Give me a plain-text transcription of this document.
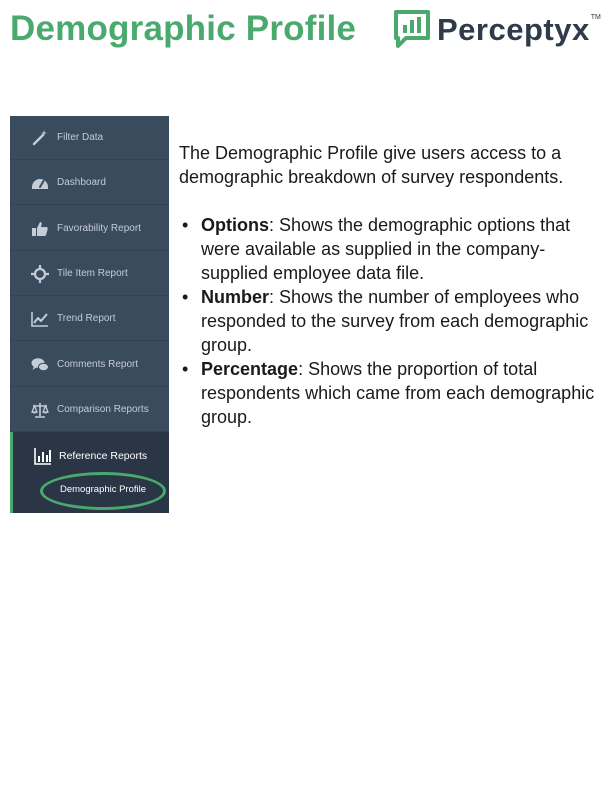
Demographic Profile	Perceptyx TM
Filter Data
Dashboard
Favorability Report
Tile Item Report
Trend Report
Comments Report
Comparison Reports
Reference Reports
Demographic Profile

The Demographic Profile give users access to a demographic breakdown of survey respondents.

• Options: Shows the demographic options that were available as supplied in the company-supplied employee data file.
• Number: Shows the number of employees who responded to the survey from each demographic group.
• Percentage: Shows the proportion of total respondents which came from each demographic group.
